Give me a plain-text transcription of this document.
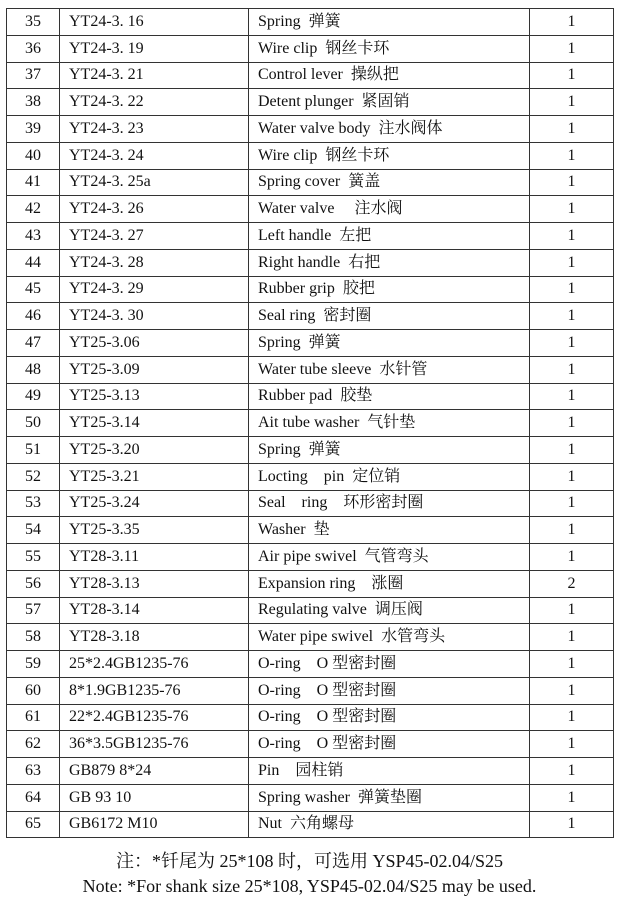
35	YT24-3. 16	Spring  弹簧	1
36	YT24-3. 19	Wire clip  钢丝卡环	1
37	YT24-3. 21	Control lever  操纵把	1
38	YT24-3. 22	Detent plunger  紧固销	1
39	YT24-3. 23	Water valve body  注水阀体	1
40	YT24-3. 24	Wire clip  钢丝卡环	1
41	YT24-3. 25a	Spring cover  簧盖	1
42	YT24-3. 26	Water valve     注水阀	1
43	YT24-3. 27	Left handle  左把	1
44	YT24-3. 28	Right handle  右把	1
45	YT24-3. 29	Rubber grip  胶把	1
46	YT24-3. 30	Seal ring  密封圈	1
47	YT25-3.06	Spring  弹簧	1
48	YT25-3.09	Water tube sleeve  水针管	1
49	YT25-3.13	Rubber pad  胶垫	1
50	YT25-3.14	Ait tube washer  气针垫	1
51	YT25-3.20	Spring  弹簧	1
52	YT25-3.21	Locting    pin  定位销	1
53	YT25-3.24	Seal    ring    环形密封圈	1
54	YT25-3.35	Washer  垫	1
55	YT28-3.11	Air pipe swivel  气管弯头	1
56	YT28-3.13	Expansion ring    涨圈	2
57	YT28-3.14	Regulating valve  调压阀	1
58	YT28-3.18	Water pipe swivel  水管弯头	1
59	25*2.4GB1235-76	O-ring    O 型密封圈	1
60	8*1.9GB1235-76	O-ring    O 型密封圈	1
61	22*2.4GB1235-76	O-ring    O 型密封圈	1
62	36*3.5GB1235-76	O-ring    O 型密封圈	1
63	GB879 8*24	Pin    园柱销	1
64	GB 93 10	Spring washer  弹簧垫圈	1
65	GB6172 M10	Nut  六角螺母	1
注：*钎尾为 25*108 时，可选用 YSP45-02.04/S25
Note: *For shank size 25*108, YSP45-02.04/S25 may be used.
